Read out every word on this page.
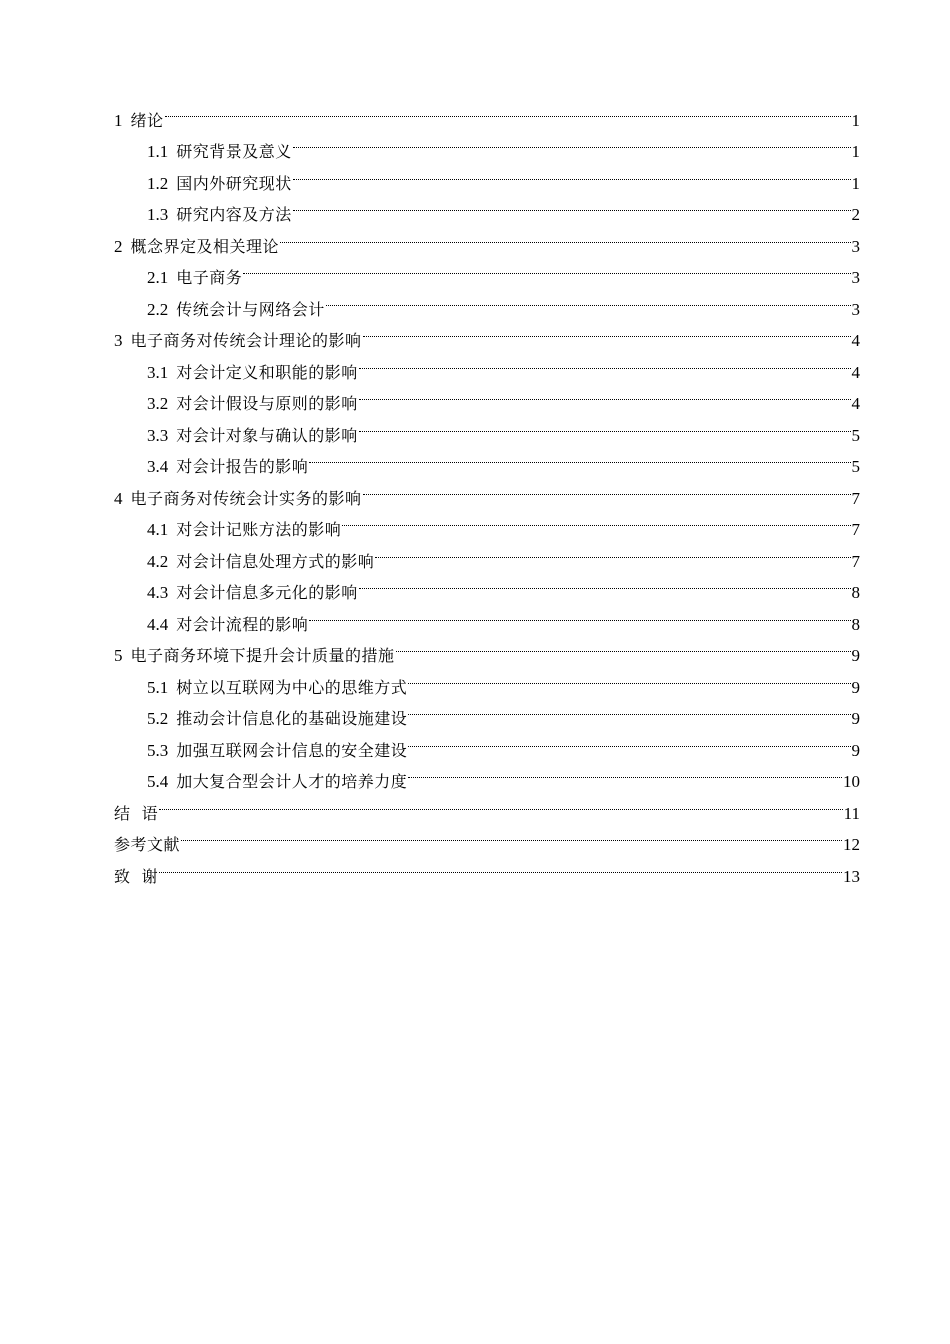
1 绪论	1
1.1 研究背景及意义	1
1.2 国内外研究现状	1
1.3 研究内容及方法	2
2 概念界定及相关理论	3
2.1 电子商务	3
2.2 传统会计与网络会计	3
3 电子商务对传统会计理论的影响	4
3.1 对会计定义和职能的影响	4
3.2 对会计假设与原则的影响	4
3.3 对会计对象与确认的影响	5
3.4 对会计报告的影响	5
4 电子商务对传统会计实务的影响	7
4.1 对会计记账方法的影响	7
4.2 对会计信息处理方式的影响	7
4.3 对会计信息多元化的影响	8
4.4 对会计流程的影响	8
5 电子商务环境下提升会计质量的措施	9
5.1 树立以互联网为中心的思维方式	9
5.2 推动会计信息化的基础设施建设	9
5.3 加强互联网会计信息的安全建设	9
5.4 加大复合型会计人才的培养力度	10
结  语	11
参考文献	12
致  谢	13
